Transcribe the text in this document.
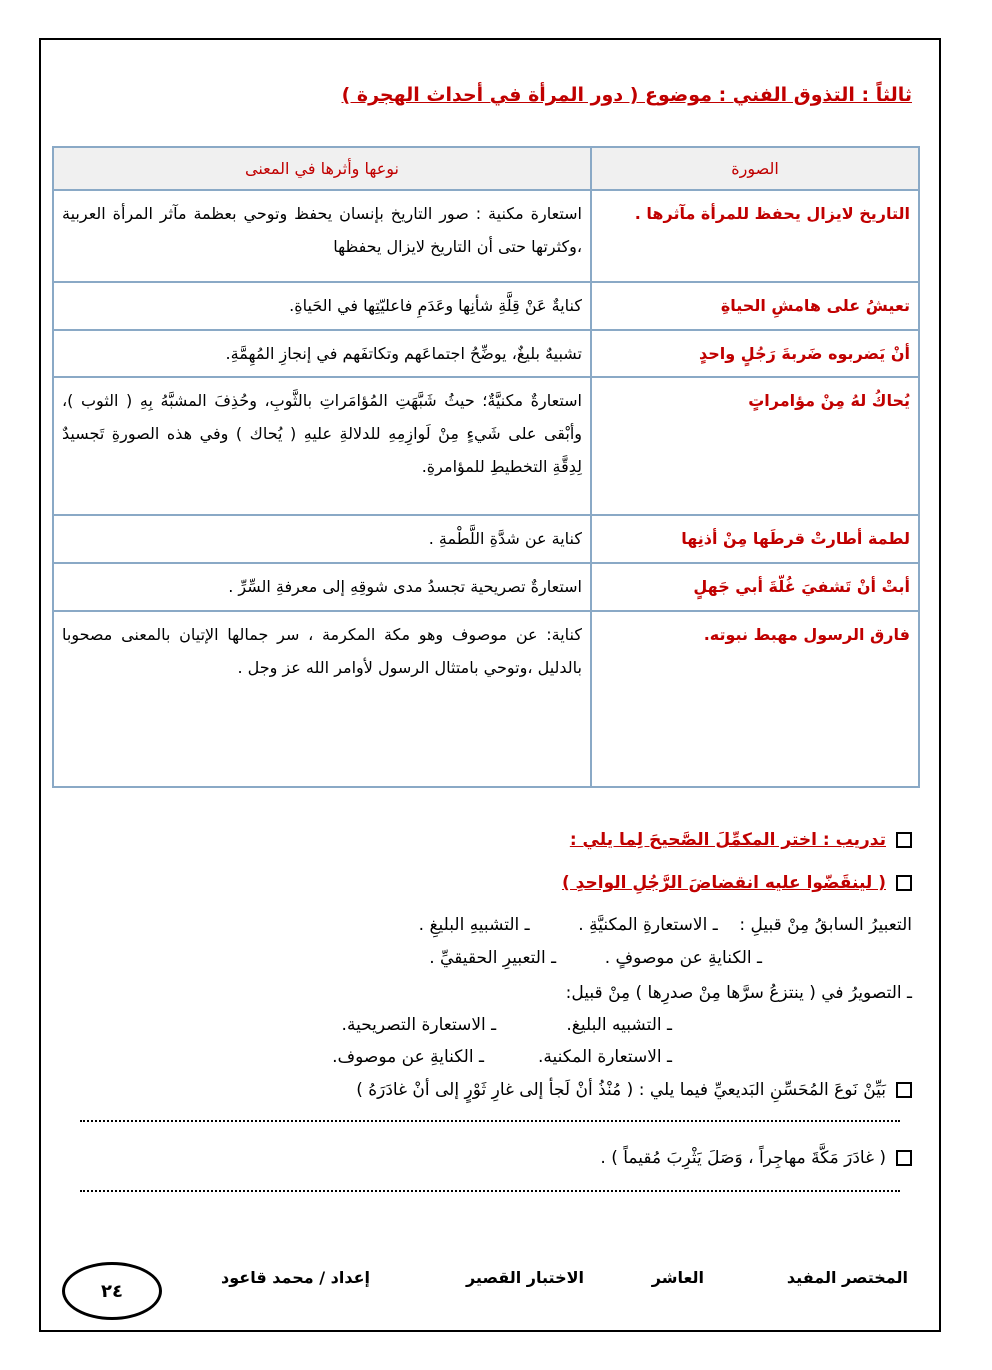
ثالثاً : التذوق الفني : موضوع ( دور المرأة في أحداث الهجرة )
الصورة	نوعها وأثرها في المعنى
التاريخ لايزال يحفظ للمرأة مآثرها .	استعارة مكنية : صور التاريخ بإنسان يحفظ وتوحي بعظمة مآثر المرأة العربية ،وكثرتها حتى أن التاريخ لايزال يحفظها
تعيشُ على هامشِ الحياةِ	كنايةٌ عَنْ قِلَّةِ شأنِها وعَدَمِ فاعليّتِها في الحَياةِ.
أنْ يَضربوه ضَربةَ رَجُلٍ واحدٍ	تشبيهٌ بليغٌ، يوضِّحُ اجتماعَهم وتكاتفَهم في إنجازِ المُهِمَّةِ.
يُحاكُ لهُ مِنْ مؤامراتٍ	استعارةٌ مكنيَّةٌ؛ حيثُ شَبَّهَتِ المُؤامَراتِ بالثَّوبِ، وحُذِفَ المشبَّهُ بِهِ ( الثوب )، وأبْقى على شَيءٍ مِنْ لَوازِمِهِ للدلالةِ عليهِ ( يُحاك ) وفي هذه الصورةِ تَجسيدٌ لِدِقَّةِ التخطيطِ للمؤامرةِ.
لطمة أطارتْ قرطَها مِنْ أذنِها	كناية عن شدَّةِ اللَّطْمةِ .
أبتْ أنْ تَشفيَ غُلّةَ أبي جَهلٍ	استعارةٌ تصريحية تجسدُ مدى شوقِهِ إلى معرفةِ السِّرِّ .
فارق الرسول مهبط نبوته.	كناية: عن موصوف وهو مكة المكرمة ، سر جمالها الإتيان بالمعنى مصحوبا بالدليل ،وتوحي بامتثال الرسول لأوامر الله عز وجل .
تدريب : اختر المكمِّلَ الصَّحيحَ لِما يلي :
( لينقَضّوا عليه انقضاضَ الرَّجُلِ الواحدِ )
التعبيرُ السابقُ مِنْ قبيلِ :    ـ الاستعارةِ المكنيَّةِ .         ـ التشبيهِ البليغِ .
ـ الكنايةِ عن موصوفٍ .         ـ التعبيرِ الحقيقيِّ .
ـ التصويرُ في ( ينتزعُ سرَّها مِنْ صدرِها ) مِنْ قبيل:
ـ التشبيه البليغ.             ـ الاستعارة التصريحية.
ـ الاستعارة المكنية.          ـ الكنايةِ عن موصوف.
بَيِّنْ نَوعَ المُحَسِّنِ البَديعيِّ فيما يلي : ( مُنْذُ أنْ لَجأ إلى غارِ ثَوْرٍ إلى أنْ غادَرَهُ )
( غادَرَ مَكَّةَ مهاجِراً ، وَصَلَ يَثْرِبَ مُقيماً ) .
المختصر المفيد
العاشر
الاختبار القصير
إعداد / محمد قاعود
٢٤
